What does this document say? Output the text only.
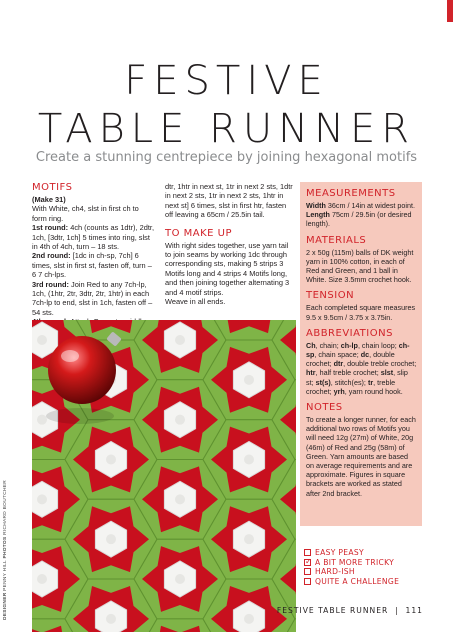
FESTIVE
TABLE RUNNER
Create a stunning centrepiece by joining hexagonal motifs
MOTIFS

(Make 31)

With White, ch4, slst in first ch to form ring.

1st round: 4ch (counts as 1dtr), 2dtr, 1ch, [3dtr, 1ch] 5 times into ring, slst in 4th of 4ch, turn – 18 sts.

2nd round: [1dc in ch-sp, 7ch] 6 times, slst in first st, fasten off, turn – 6 7 ch-lps.

3rd round: Join Red to any 7ch-lp, 1ch, (1htr, 2tr, 3dtr, 2tr, 1htr) in each 7ch-lp to end, slst in 1ch, fasten off – 54 sts.

dtr, 1htr in next st, 1tr in next 2 sts, 1dtr in next 2 sts, 1tr in next 2 sts, 1htr in next st] 6 times, slst in first htr, fasten off leaving a 65cm / 25.5in tail.

TO MAKE UP

With right sides together, use yarn tail to join seams by working 1dc through corresponding sts, making 5 strips 3 Motifs long and 4 strips 4 Motifs long, and then joining together alternating 3 and 4 motif strips.

Weave in all ends.

MEASUREMENTS

Width 36cm / 14in at widest point.

Length 75cm / 29.5in (or desired length).

MATERIALS

2 x 50g (115m) balls of DK weight yarn in 100% cotton, in each of Red and Green, and 1 ball in White. Size 3.5mm crochet hook.

TENSION

Each completed square measures 9.5 x 9.5cm / 3.75 x 3.75in.

ABBREVIATIONS

Ch, chain; ch-lp, chain loop; ch-sp, chain space; dc, double crochet; dtr, double treble crochet; htr, half treble crochet; slst, slip st; st(s), stitch(es); tr, treble crochet; yrh, yarn round hook.

NOTES

To create a longer runner, for each additional two rows of Motifs you will need 12g (27m) of White, 20g (46m) of Red and 25g (58m) of Green. Yarn amounts are based on average requirements and are approximate. Figures in square brackets are worked as stated after 2nd bracket.

DESIGNER PENNY HILL PHOTOS RICHARD BOUTCHER
EASY PEASY
✓
A BIT MORE TRICKY
HARD-ISH
QUITE A CHALLENGE
FESTIVE TABLE RUNNER | 111
